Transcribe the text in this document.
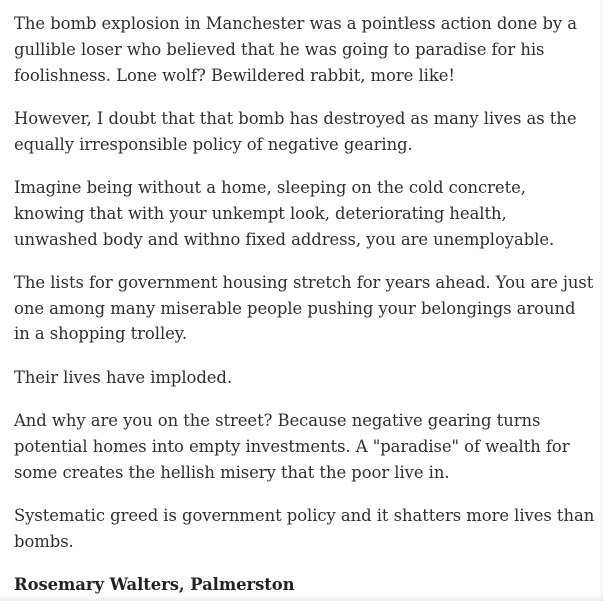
The bomb explosion in Manchester was a pointless action done by a
gullible loser who believed that he was going to paradise for his
foolishness. Lone wolf? Bewildered rabbit, more like!

However, I doubt that that bomb has destroyed as many lives as the
equally irresponsible policy of negative gearing.

Imagine being without a home, sleeping on the cold concrete,
knowing that with your unkempt look, deteriorating health,
unwashed body and withno fixed address, you are unemployable.

The lists for government housing stretch for years ahead. You are just
one among many miserable people pushing your belongings around
in a shopping trolley.

Their lives have imploded.

And why are you on the street? Because negative gearing turns
potential homes into empty investments. A "paradise" of wealth for
some creates the hellish misery that the poor live in.

Systematic greed is government policy and it shatters more lives than
bombs.

Rosemary Walters, Palmerston
